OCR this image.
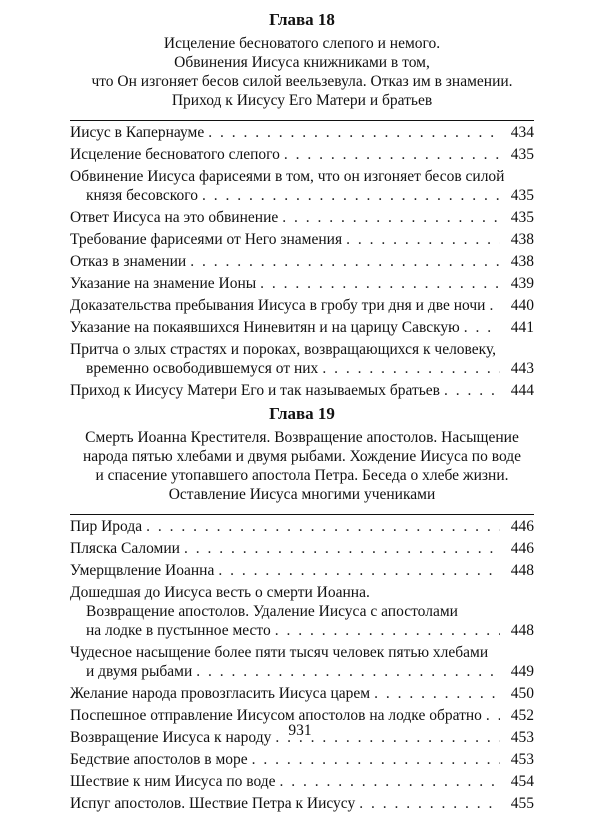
Глава 18
Исцеление бесноватого слепого и немого.
Обвинения Иисуса книжниками в том,
что Он изгоняет бесов силой веельзевула. Отказ им в знамении.
Приход к Иисусу Его Матери и братьев
Иисус в Капернауме . . .	434
Исцеление бесноватого слепого . . .	435
Обвинение Иисуса фарисеями в том, что он изгоняет бесов силой
князя бесовского . . .	435
Ответ Иисуса на это обвинение . . .	435
Требование фарисеями от Него знамения . . .	438
Отказ в знамении . . .	438
Указание на знамение Ионы . . .	439
Доказательства пребывания Иисуса в гробу три дня и две ночи . . .	440
Указание на покаявшихся Ниневитян и на царицу Савскую . . .	441
Притча о злых страстях и пороках, возвращающихся к человеку,
временно освободившемуся от них . . .	443
Приход к Иисусу Матери Его и так называемых братьев . . .	444
Глава 19
Смерть Иоанна Крестителя. Возвращение апостолов. Насыщение
народа пятью хлебами и двумя рыбами. Хождение Иисуса по воде
и спасение утопавшего апостола Петра. Беседа о хлебе жизни.
Оставление Иисуса многими учениками
Пир Ирода . . .	446
Пляска Саломии . . .	446
Умерщвление Иоанна . . .	448
Дошедшая до Иисуса весть о смерти Иоанна.
Возвращение апостолов. Удаление Иисуса с апостолами
на лодке в пустынное место . . .	448
Чудесное насыщение более пяти тысяч человек пятью хлебами
и двумя рыбами . . .	449
Желание народа провозгласить Иисуса царем . . .	450
Поспешное отправление Иисусом апостолов на лодке обратно . . .	452
Возвращение Иисуса к народу . . .	453
Бедствие апостолов в море . . .	453
Шествие к ним Иисуса по воде . . .	454
Испуг апостолов. Шествие Петра к Иисусу . . .	455
931
